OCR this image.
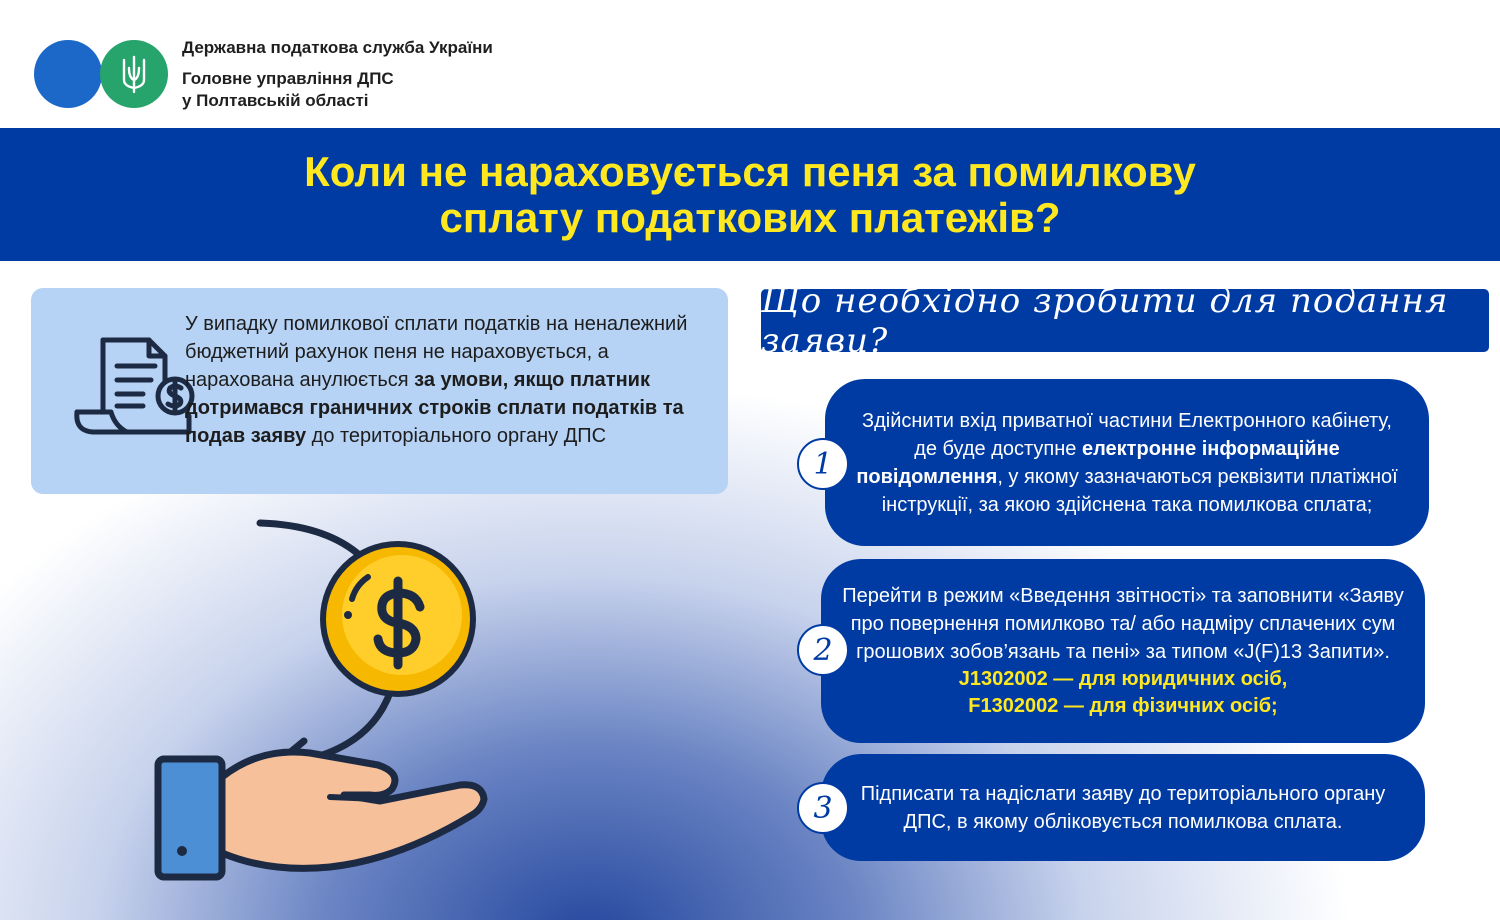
Державна податкова служба України
Головне управління ДПС
у Полтавській області
Коли не нараховується пеня за помилкову
сплату податкових платежів?

У випадку помилкової сплати податків на неналежний бюджетний рахунок пеня не нараховується, а нарахована анулюється за умови, якщо платник дотримався граничних строків сплати податків та подав заяву до територіального органу ДПС

Що необхідно зробити для подання заяви?
Здійснити вхід приватної частини Електронного кабінету, де буде доступне електронне інформаційне повідомлення, у якому зазначаються реквізити платіжної інструкції, за якою здійснена така помилкова сплата;
1
Перейти в режим «Введення звітності» та заповнити «Заяву про повернення помилково та/ або надміру сплачених сум грошових зобов’язань та пені» за типом «J(F)13 Запити».
J1302002 — для юридичних осіб,
F1302002 — для фізичних осіб;
2
Підписати та надіслати заяву до територіального органу ДПС, в якому обліковується помилкова сплата.
3
